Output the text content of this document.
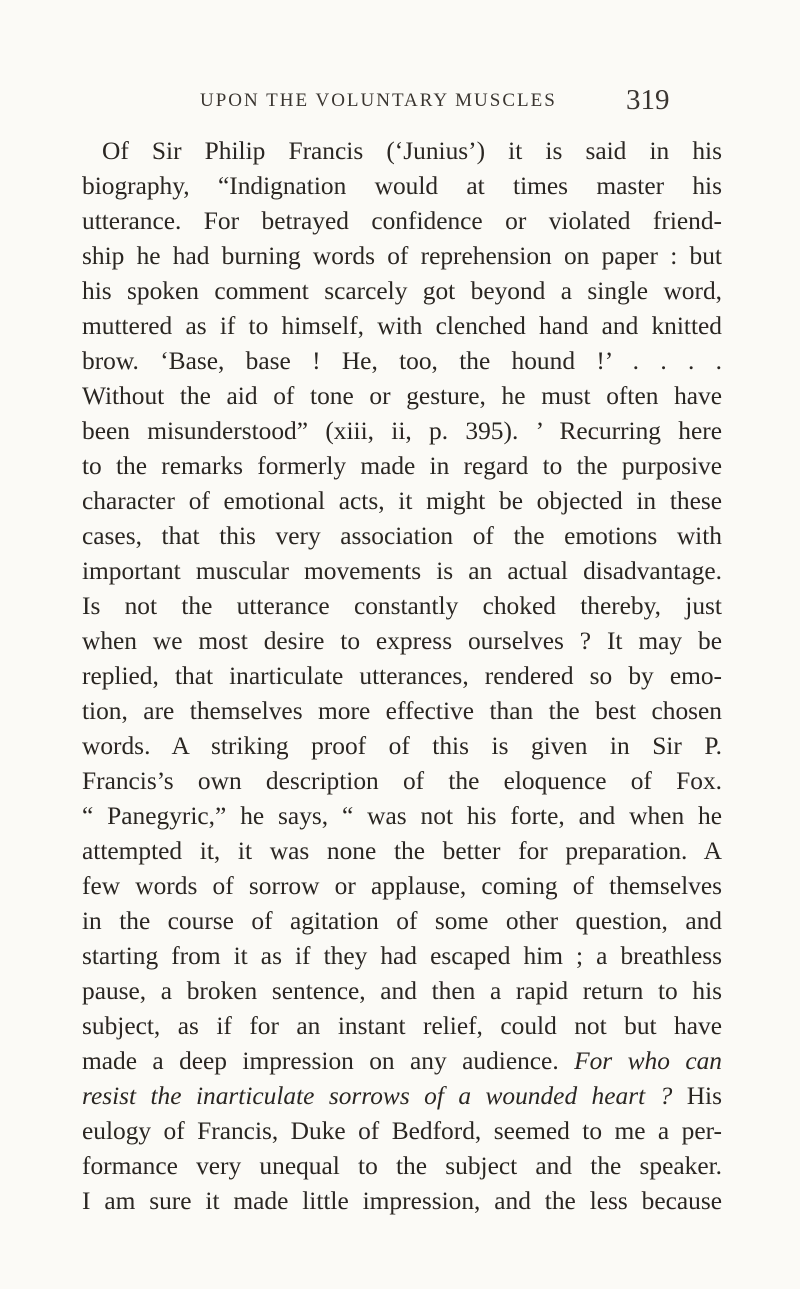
UPON THE VOLUNTARY MUSCLES 319
Of Sir Philip Francis (‘Junius’) it is said in his
biography, “Indignation would at times master his
utterance. For betrayed confidence or violated friend-
ship he had burning words of reprehension on paper : but
his spoken comment scarcely got beyond a single word,
muttered as if to himself, with clenched hand and knitted
brow. ‘Base, base ! He, too, the hound !’ . . . .
Without the aid of tone or gesture, he must often have
been misunderstood” (xiii, ii, p. 395). ’ Recurring here
to the remarks formerly made in regard to the purposive
character of emotional acts, it might be objected in these
cases, that this very association of the emotions with
important muscular movements is an actual disadvantage.
Is not the utterance constantly choked thereby, just
when we most desire to express ourselves ? It may be
replied, that inarticulate utterances, rendered so by emo-
tion, are themselves more effective than the best chosen
words. A striking proof of this is given in Sir P.
Francis’s own description of the eloquence of Fox.
“ Panegyric,” he says, “ was not his forte, and when he
attempted it, it was none the better for preparation. A
few words of sorrow or applause, coming of themselves
in the course of agitation of some other question, and
starting from it as if they had escaped him ; a breathless
pause, a broken sentence, and then a rapid return to his
subject, as if for an instant relief, could not but have
made a deep impression on any audience. For who can
resist the inarticulate sorrows of a wounded heart ? His
eulogy of Francis, Duke of Bedford, seemed to me a per-
formance very unequal to the subject and the speaker.
I am sure it made little impression, and the less because
